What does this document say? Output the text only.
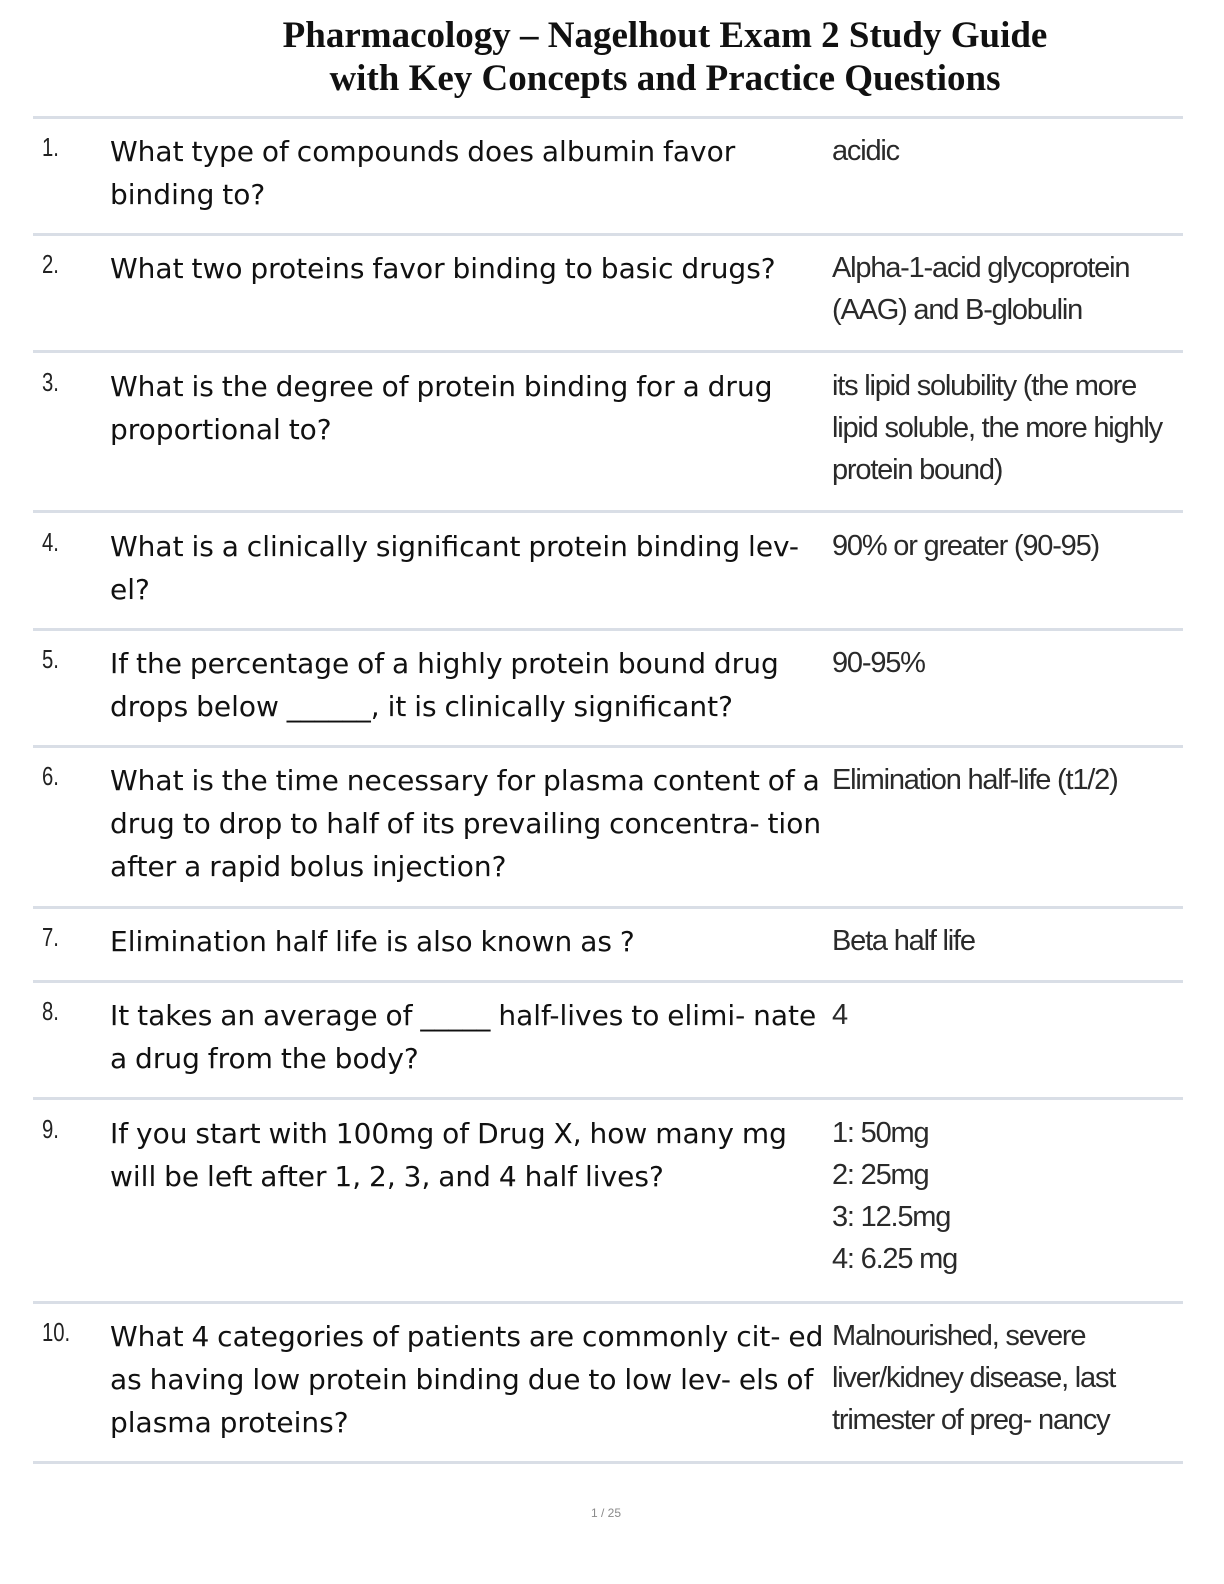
Pharmacology – Nagelhout Exam 2 Study Guide
with Key Concepts and Practice Questions
1. What type of compounds does albumin favor binding to?
acidic
2. What two proteins favor binding to basic drugs?	Alpha-1-acid glycoprotein (AAG) and B-globulin
3. What is the degree of protein binding for a drug proportional to?
its lipid solubility (the more lipid soluble, the more highly protein bound)
4. What is a clinically significant protein binding lev- el?
90% or greater (90-95)
5. If the percentage of a highly protein bound drug drops below ______, it is clinically significant?
90-95%
6. What is the time necessary for plasma content of a drug to drop to half of its prevailing concentra- tion after a rapid bolus injection?
Elimination half-life (t1/2)
7. Elimination half life is also known as ?	Beta half life
8. It takes an average of _____ half-lives to elimi- nate a drug from the body?
4
9. If you start with 100mg of Drug X, how many mg will be left after 1, 2, 3, and 4 half lives?
1: 50mg
2: 25mg
3: 12.5mg
4: 6.25 mg
10. What 4 categories of patients are commonly cit- ed as having low protein binding due to low lev- els of plasma proteins?
Malnourished, severe liver/kidney disease, last trimester of preg- nancy
1 / 25
